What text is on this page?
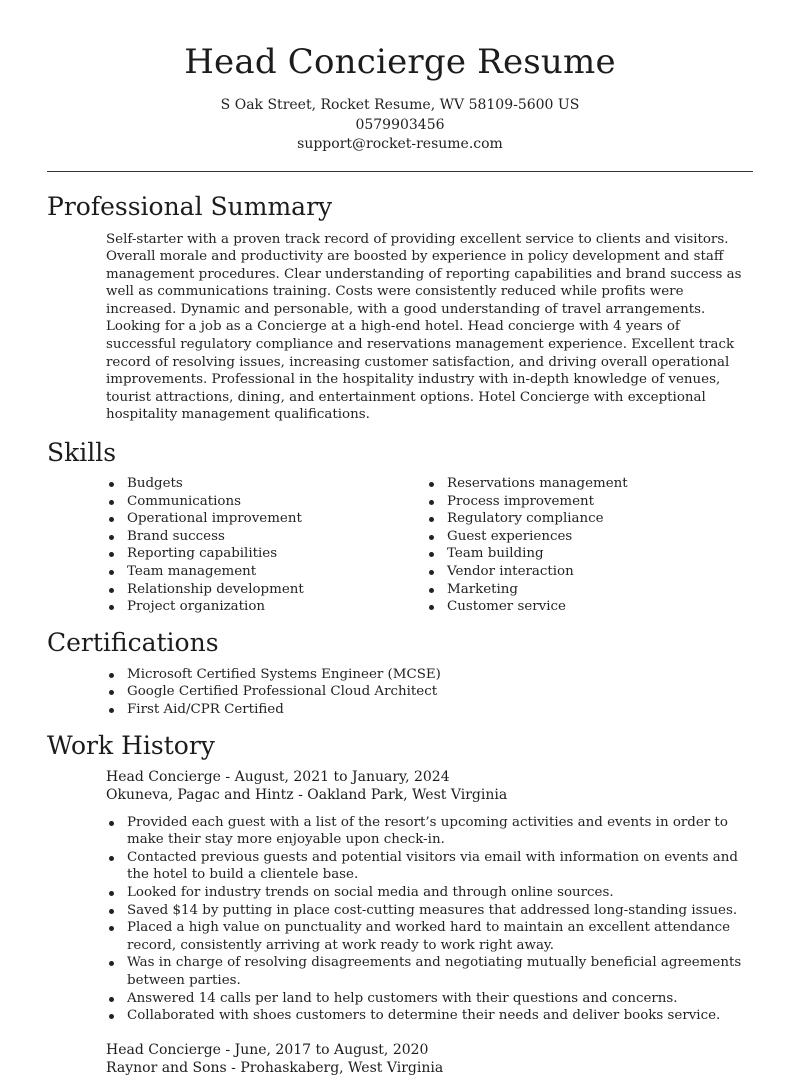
Head Concierge Resume
S Oak Street, Rocket Resume, WV 58109-5600 US
0579903456
support@rocket-resume.com
Professional Summary

Self-starter with a proven track record of providing excellent service to clients and visitors. Overall morale and productivity are boosted by experience in policy development and staff management procedures. Clear understanding of reporting capabilities and brand success as well as communications training. Costs were consistently reduced while profits were increased. Dynamic and personable, with a good understanding of travel arrangements. Looking for a job as a Concierge at a high-end hotel. Head concierge with 4 years of successful regulatory compliance and reservations management experience. Excellent track record of resolving issues, increasing customer satisfaction, and driving overall operational improvements. Professional in the hospitality industry with in-depth knowledge of venues, tourist attractions, dining, and entertainment options. Hotel Concierge with exceptional hospitality management qualifications.

Skills
Budgets
Communications
Operational improvement
Brand success
Reporting capabilities
Team management
Relationship development
Project organization
Reservations management
Process improvement
Regulatory compliance
Guest experiences
Team building
Vendor interaction
Marketing
Customer service
Certifications
Microsoft Certified Systems Engineer (MCSE)
Google Certified Professional Cloud Architect
First Aid/CPR Certified
Work History
Head Concierge - August, 2021 to January, 2024
Okuneva, Pagac and Hintz - Oakland Park, West Virginia
Provided each guest with a list of the resort’s upcoming activities and events in order to make their stay more enjoyable upon check-in.
Contacted previous guests and potential visitors via email with information on events and the hotel to build a clientele base.
Looked for industry trends on social media and through online sources.
Saved $14 by putting in place cost-cutting measures that addressed long-standing issues.
Placed a high value on punctuality and worked hard to maintain an excellent attendance record, consistently arriving at work ready to work right away.
Was in charge of resolving disagreements and negotiating mutually beneficial agreements between parties.
Answered 14 calls per land to help customers with their questions and concerns.
Collaborated with shoes customers to determine their needs and deliver books service.
Head Concierge - June, 2017 to August, 2020
Raynor and Sons - Prohaskaberg, West Virginia
